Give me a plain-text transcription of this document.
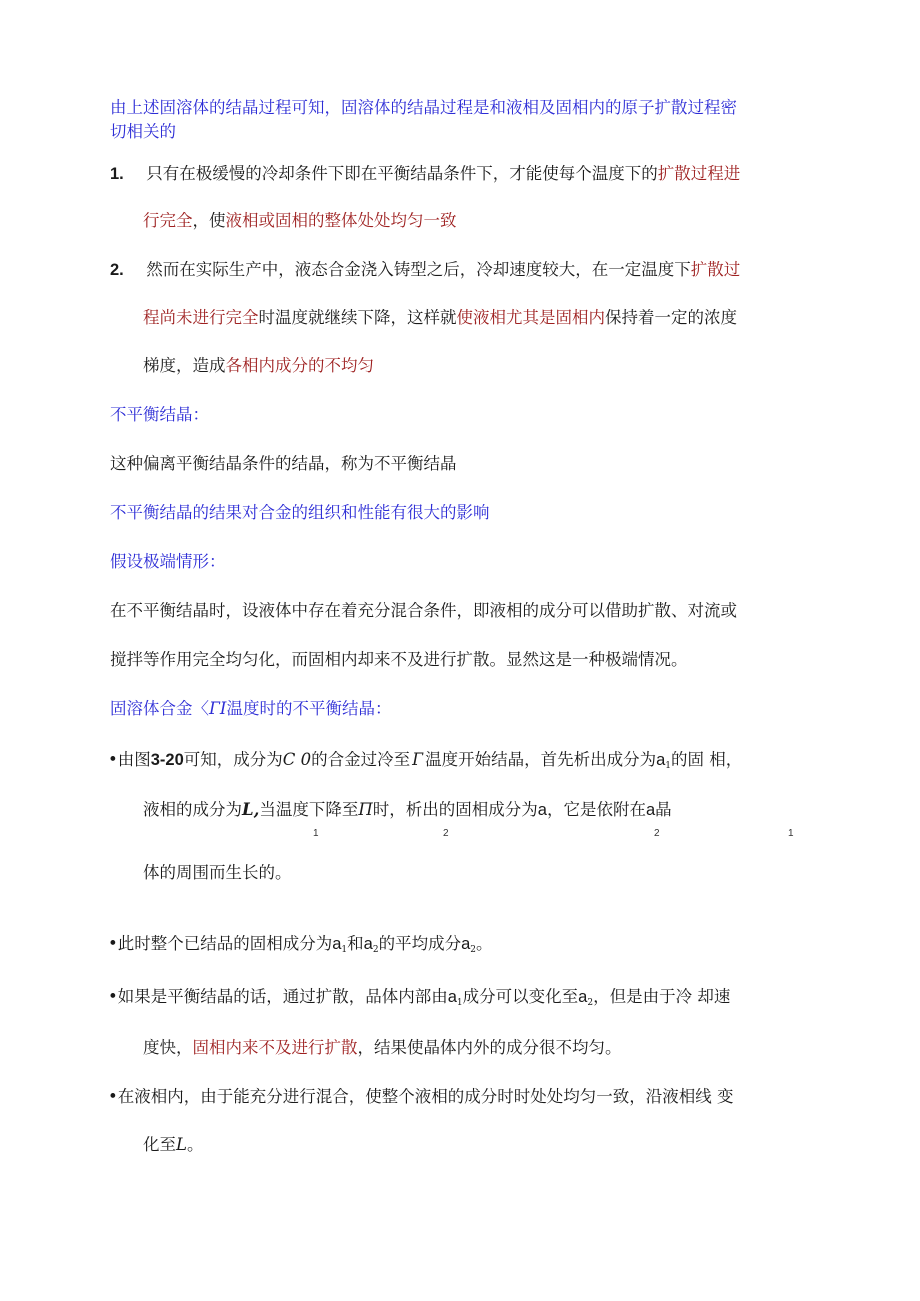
由上述固溶体的结晶过程可知，固溶体的结晶过程是和液相及固相内的原子扩散过程密
切相关的
1. 只有在极缓慢的冷却条件下即在平衡结晶条件下，才能使每个温度下的扩散过程进
行完全，使液相或固相的整体处处均匀一致
2. 然而在实际生产中，液态合金浇入铸型之后，冷却速度较大，在一定温度下扩散过
程尚未进行完全时温度就继续下降，这样就使液相尤其是固相内保持着一定的浓度
梯度，造成各相内成分的不均匀
不平衡结晶：
这种偏离平衡结晶条件的结晶，称为不平衡结晶
不平衡结晶的结果对合金的组织和性能有很大的影响
假设极端情形：
在不平衡结晶时，设液体中存在着充分混合条件，即液相的成分可以借助扩散、对流或
搅拌等作用完全均匀化，而固相内却来不及进行扩散。显然这是一种极端情况。
固溶体合金〈ГI温度时的不平衡结晶：
•由图3-20可知，成分为C 0的合金过冷至 Г 温度开始结晶，首先析出成分为$a_1$的固 相，
液相的成分为L,当温度下降至П时，析出的固相成分为a，它是依附在a晶
1	2	2	1
体的周围而生长的。
•此时整个已结品的固相成分为$a_1$和$a_2$的平均成分$a_2$。
•如果是平衡结晶的话，通过扩散，品体内部由$a_1$成分可以变化至$a_2$，但是由于冷 却速
度快，固相内来不及进行扩散，结果使晶体内外的成分很不均匀。
•在液相内，由于能充分进行混合，使整个液相的成分时时处处均匀一致，沿液相线 变
化至L。
